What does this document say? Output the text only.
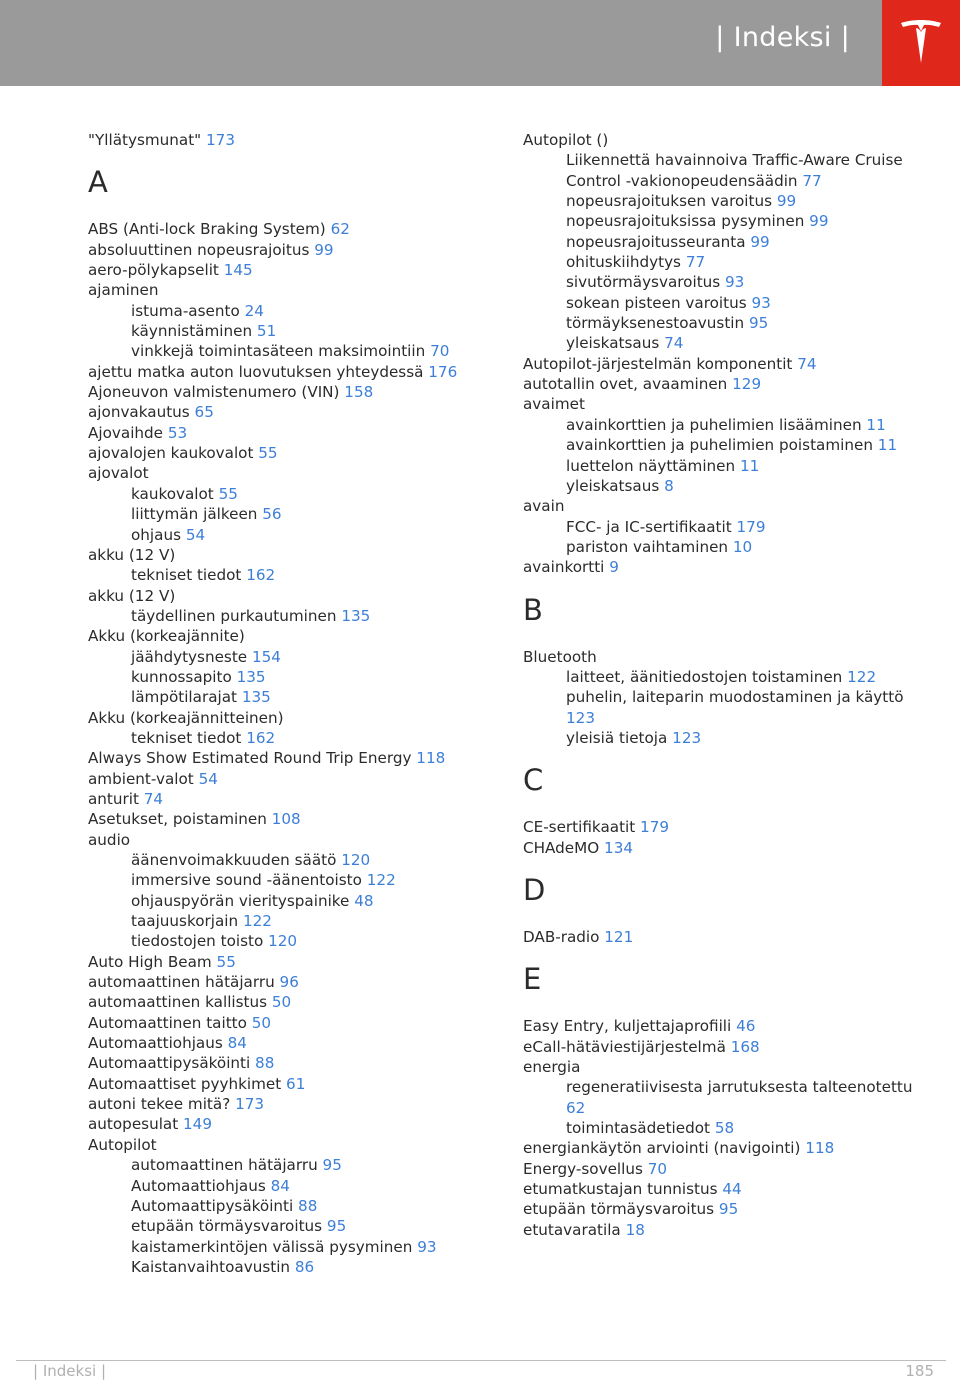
| Indeksi |
"Yllätysmunat" 173
A
ABS (Anti-lock Braking System) 62
absoluuttinen nopeusrajoitus 99
aero-pölykapselit 145
ajaminen
istuma-asento 24
käynnistäminen 51
vinkkejä toimintasäteen maksimointiin 70
ajettu matka auton luovutuksen yhteydessä 176
Ajoneuvon valmistenumero (VIN) 158
ajonvakautus 65
Ajovaihde 53
ajovalojen kaukovalot 55
ajovalot
kaukovalot 55
liittymän jälkeen 56
ohjaus 54
akku (12 V)
tekniset tiedot 162
akku (12 V)
täydellinen purkautuminen 135
Akku (korkeajännite)
jäähdytysneste 154
kunnossapito 135
lämpötilarajat 135
Akku (korkeajännitteinen)
tekniset tiedot 162
Always Show Estimated Round Trip Energy 118
ambient-valot 54
anturit 74
Asetukset, poistaminen 108
audio
äänenvoimakkuuden säätö 120
immersive sound -äänentoisto 122
ohjauspyörän vierityspainike 48
taajuuskorjain 122
tiedostojen toisto 120
Auto High Beam 55
automaattinen hätäjarru 96
automaattinen kallistus 50
Automaattinen taitto 50
Automaattiohjaus 84
Automaattipysäköinti 88
Automaattiset pyyhkimet 61
autoni tekee mitä? 173
autopesulat 149
Autopilot
automaattinen hätäjarru 95
Automaattiohjaus 84
Automaattipysäköinti 88
etupään törmäysvaroitus 95
kaistamerkintöjen välissä pysyminen 93
Kaistanvaihtoavustin 86
Autopilot ()
Liikennettä havainnoiva Traffic-Aware Cruise Control -vakionopeudensäädin 77
nopeusrajoituksen varoitus 99
nopeusrajoituksissa pysyminen 99
nopeusrajoitusseuranta 99
ohituskiihdytys 77
sivutörmäysvaroitus 93
sokean pisteen varoitus 93
törmäyksenestoavustin 95
yleiskatsaus 74
Autopilot-järjestelmän komponentit 74
autotallin ovet, avaaminen 129
avaimet
avainkorttien ja puhelimien lisääminen 11
avainkorttien ja puhelimien poistaminen 11
luettelon näyttäminen 11
yleiskatsaus 8
avain
FCC- ja IC-sertifikaatit 179
pariston vaihtaminen 10
avainkortti 9
B
Bluetooth
laitteet, äänitiedostojen toistaminen 122
puhelin, laiteparin muodostaminen ja käyttö 123
yleisiä tietoja 123
C
CE-sertifikaatit 179
CHAdeMO 134
D
DAB-radio 121
E
Easy Entry, kuljettajaprofiili 46
eCall-hätäviestijärjestelmä 168
energia
regeneratiivisesta jarrutuksesta talteenotettu 62
toimintasädetiedot 58
energiankäytön arviointi (navigointi) 118
Energy-sovellus 70
etumatkustajan tunnistus 44
etupään törmäysvaroitus 95
etutavaratila 18
| Indeksi |	185
